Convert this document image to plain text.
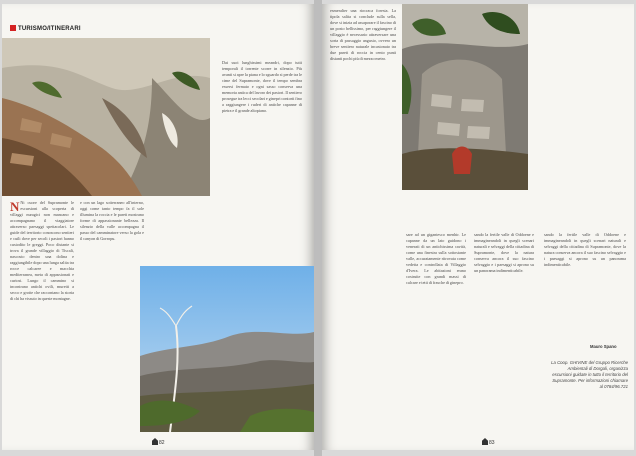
TURISMO/ITINERARI

N Ni cuore del Supramonte le escursioni alla scoperta di villaggi nuragici non mancano e accompagnano il viaggiatore attraverso paesaggi spettacolari. Le guide del territorio conoscono sentieri e cuili dove per secoli i pastori hanno custodito le greggi. Poco distante si trova il grande villaggio di Tiscali, nascosto dentro una dolina e raggiungibile dopo una lunga salita tra rocce calcaree e macchia mediterranea, meta di appassionati e curiosi. Lungo il cammino si incontrano antichi ovili, muretti a secco e grotte che raccontano la storia di chi ha vissuto in queste montagne.

e con un lago sotterraneo all'interno, oggi come tanto tempo fa il sole illumina la roccia e le pareti mostrano forme di appassionante bellezza. Il silenzio della valle accompagna il passo del camminatore verso la gola e il canyon di Gorropu.

Dai suoi lunghissimi meandri, dopo tutti temporali il torrente scorre in silenzio. Più avanti si apre la piana e lo sguardo si perde tra le cime del Supramonte, dove il tempo sembra essersi fermato e ogni sasso conserva una memoria antica del lavoro dei pastori. Il sentiero prosegue tra lecci secolari e ginepri contorti fino a raggiungere i ruderi di antiche capanne di pietra e il grande altopiano.

82

esmeralter una riocraca foresta. La tipola salita si conclude sulla sella, dove si inizia ad assaporare il fascino di un posto bellissimo, per raggiungere il villaggio è necessario attraversare una sorta di passaggio angusto, ovvero un breve sentiero naturale incastonato tra due pareti di roccia in cento punti distanti pochi più di mezzo metro.

sare ad un gigantesco menhir. Le capanne da un lato guidono i venerati di un antichissima cavità, come una finestra sulla sottostante valle, accuratamente ritrovata come vedetta e controllata di Villaggio d'Ivera. Le abitazioni erano costruite con grandi massi di calcare e tetti di frasche di ginepro.

sando la fertile valle di Oddoene e immagineandoli in quegli scenari naturali e selvaggi della cittadina di Supramonte, dove la natura conserva ancora il suo fascino selvaggio e i paesaggi si aprono su un panorama indimenticabile.

sando la fertile valle di Oddoene e immagineandoli in quegli scenari naturali e selvaggi della cittadina di Supramonte, dove la natura conserva ancora il suo fascino selvaggio e i paesaggi si aprono su un panorama indimenticabile.

Mauro Spano
La Coop. GHIVINE del Gruppo Ricerche Ambientali di Dorgali, organizza escursioni guidate in tutto il territorio del Supramonte. Per informazioni chiamare al 0784/96.721
83
